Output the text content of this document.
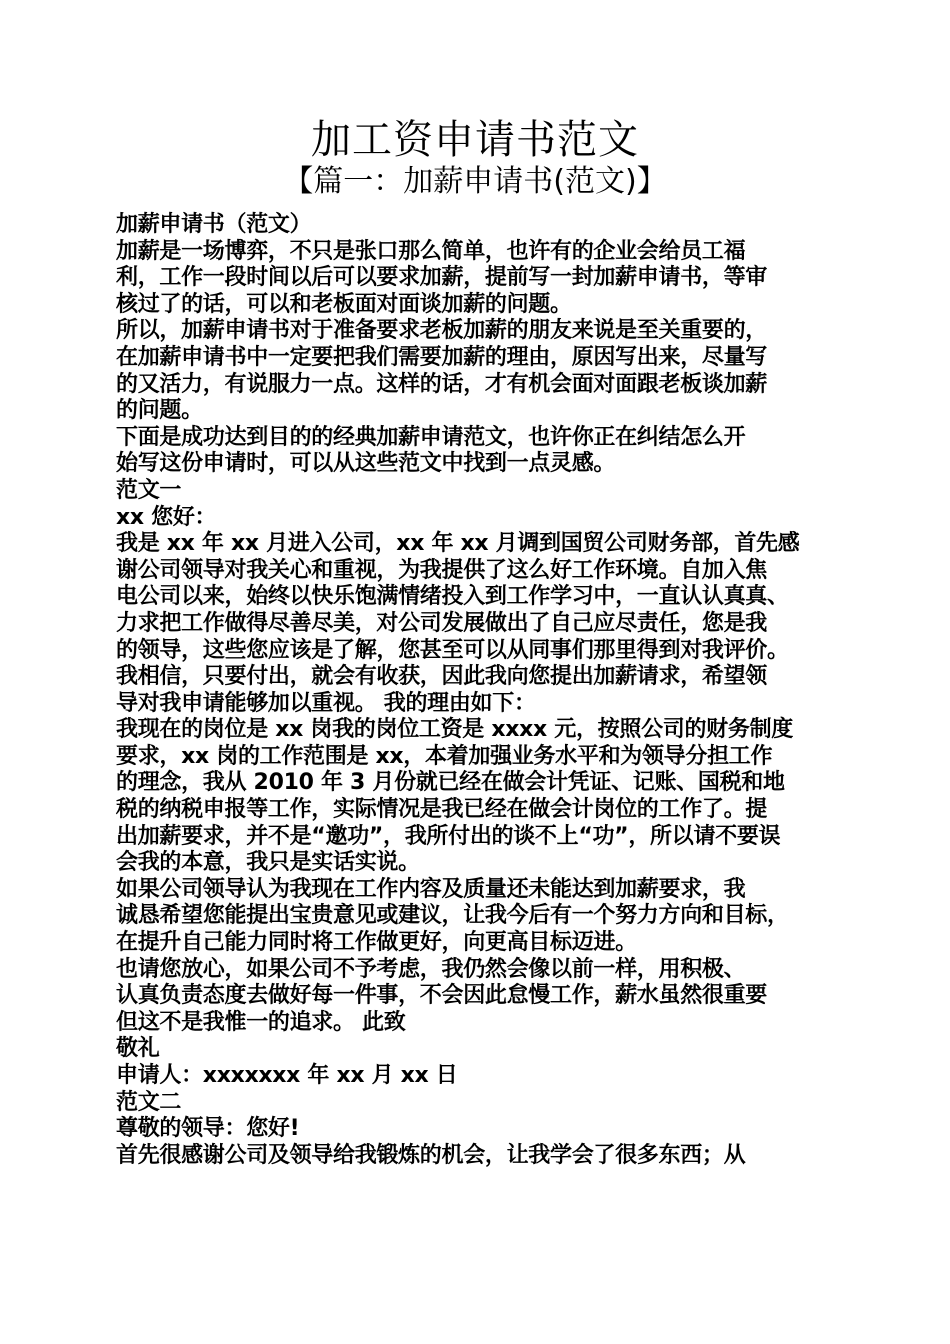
加工资申请书范文
【篇一：加薪申请书(范文)】
加薪申请书（范文）
加薪是一场博弈，不只是张口那么简单，也许有的企业会给员工福
利，工作一段时间以后可以要求加薪，提前写一封加薪申请书，等审
核过了的话，可以和老板面对面谈加薪的问题。
所以，加薪申请书对于准备要求老板加薪的朋友来说是至关重要的，
在加薪申请书中一定要把我们需要加薪的理由，原因写出来，尽量写
的又活力，有说服力一点。这样的话，才有机会面对面跟老板谈加薪
的问题。
下面是成功达到目的的经典加薪申请范文，也许你正在纠结怎么开
始写这份申请时，可以从这些范文中找到一点灵感。
范文一
xx 您好：
我是 xx 年 xx 月进入公司，xx 年 xx 月调到国贸公司财务部，首先感
谢公司领导对我关心和重视，为我提供了这么好工作环境。自加入焦
电公司以来，始终以快乐饱满情绪投入到工作学习中，一直认认真真、
力求把工作做得尽善尽美，对公司发展做出了自己应尽责任，您是我
的领导，这些您应该是了解，您甚至可以从同事们那里得到对我评价。
我相信，只要付出，就会有收获，因此我向您提出加薪请求，希望领
导对我申请能够加以重视。 我的理由如下：
我现在的岗位是 xx 岗我的岗位工资是 xxxx 元，按照公司的财务制度
要求，xx 岗的工作范围是 xx，本着加强业务水平和为领导分担工作
的理念，我从 2010 年 3 月份就已经在做会计凭证、记账、国税和地
税的纳税申报等工作，实际情况是我已经在做会计岗位的工作了。提
出加薪要求，并不是“邀功”，我所付出的谈不上“功”，所以请不要误
会我的本意，我只是实话实说。
如果公司领导认为我现在工作内容及质量还未能达到加薪要求，我
诚恳希望您能提出宝贵意见或建议，让我今后有一个努力方向和目标，
在提升自己能力同时将工作做更好，向更高目标迈进。
也请您放心，如果公司不予考虑，我仍然会像以前一样，用积极、
认真负责态度去做好每一件事，不会因此怠慢工作，薪水虽然很重要
但这不是我惟一的追求。 此致
敬礼
申请人：xxxxxxx 年 xx 月 xx 日
范文二
尊敬的领导：您好!
首先很感谢公司及领导给我锻炼的机会，让我学会了很多东西；从
